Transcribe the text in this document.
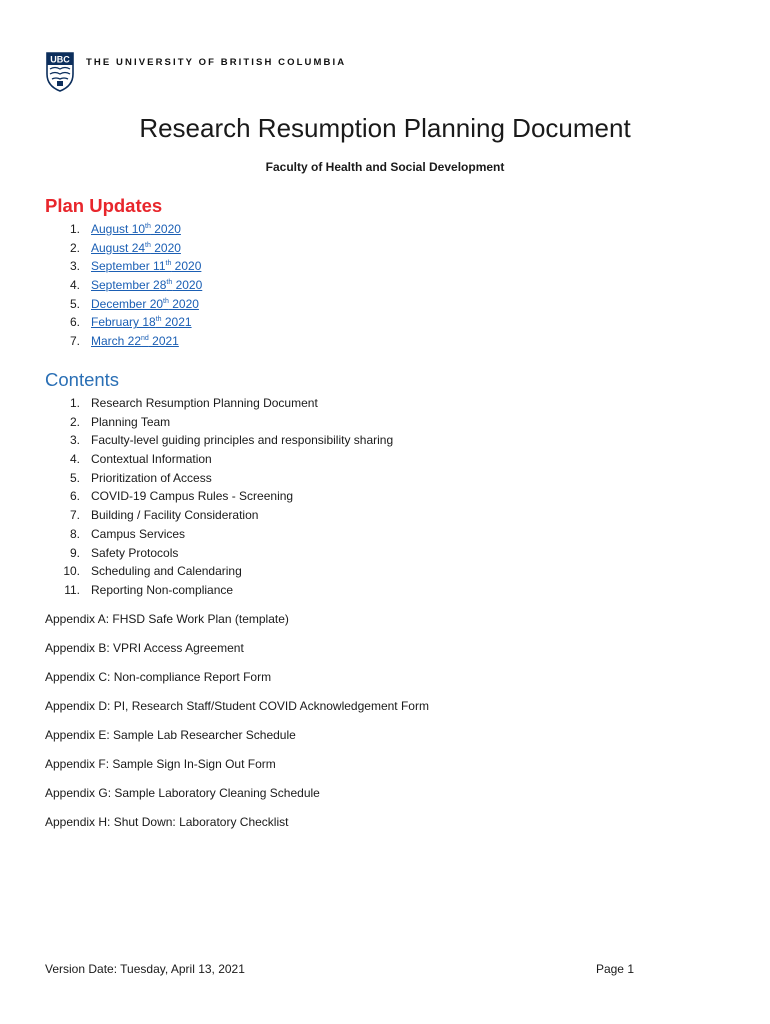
UBC THE UNIVERSITY OF BRITISH COLUMBIA
Research Resumption Planning Document
Faculty of Health and Social Development
Plan Updates
1. August 10th 2020
2. August 24th 2020
3. September 11th 2020
4. September 28th 2020
5. December 20th 2020
6. February 18th 2021
7. March 22nd 2021
Contents
1. Research Resumption Planning Document
2. Planning Team
3. Faculty-level guiding principles and responsibility sharing
4. Contextual Information
5. Prioritization of Access
6. COVID-19 Campus Rules - Screening
7. Building / Facility Consideration
8. Campus Services
9. Safety Protocols
10. Scheduling and Calendaring
11. Reporting Non-compliance
Appendix A: FHSD Safe Work Plan (template)
Appendix B: VPRI Access Agreement
Appendix C: Non-compliance Report Form
Appendix D: PI, Research Staff/Student COVID Acknowledgement Form
Appendix E: Sample Lab Researcher Schedule
Appendix F: Sample Sign In-Sign Out Form
Appendix G: Sample Laboratory Cleaning Schedule
Appendix H: Shut Down: Laboratory Checklist
Version Date: Tuesday, April 13, 2021	Page 1
